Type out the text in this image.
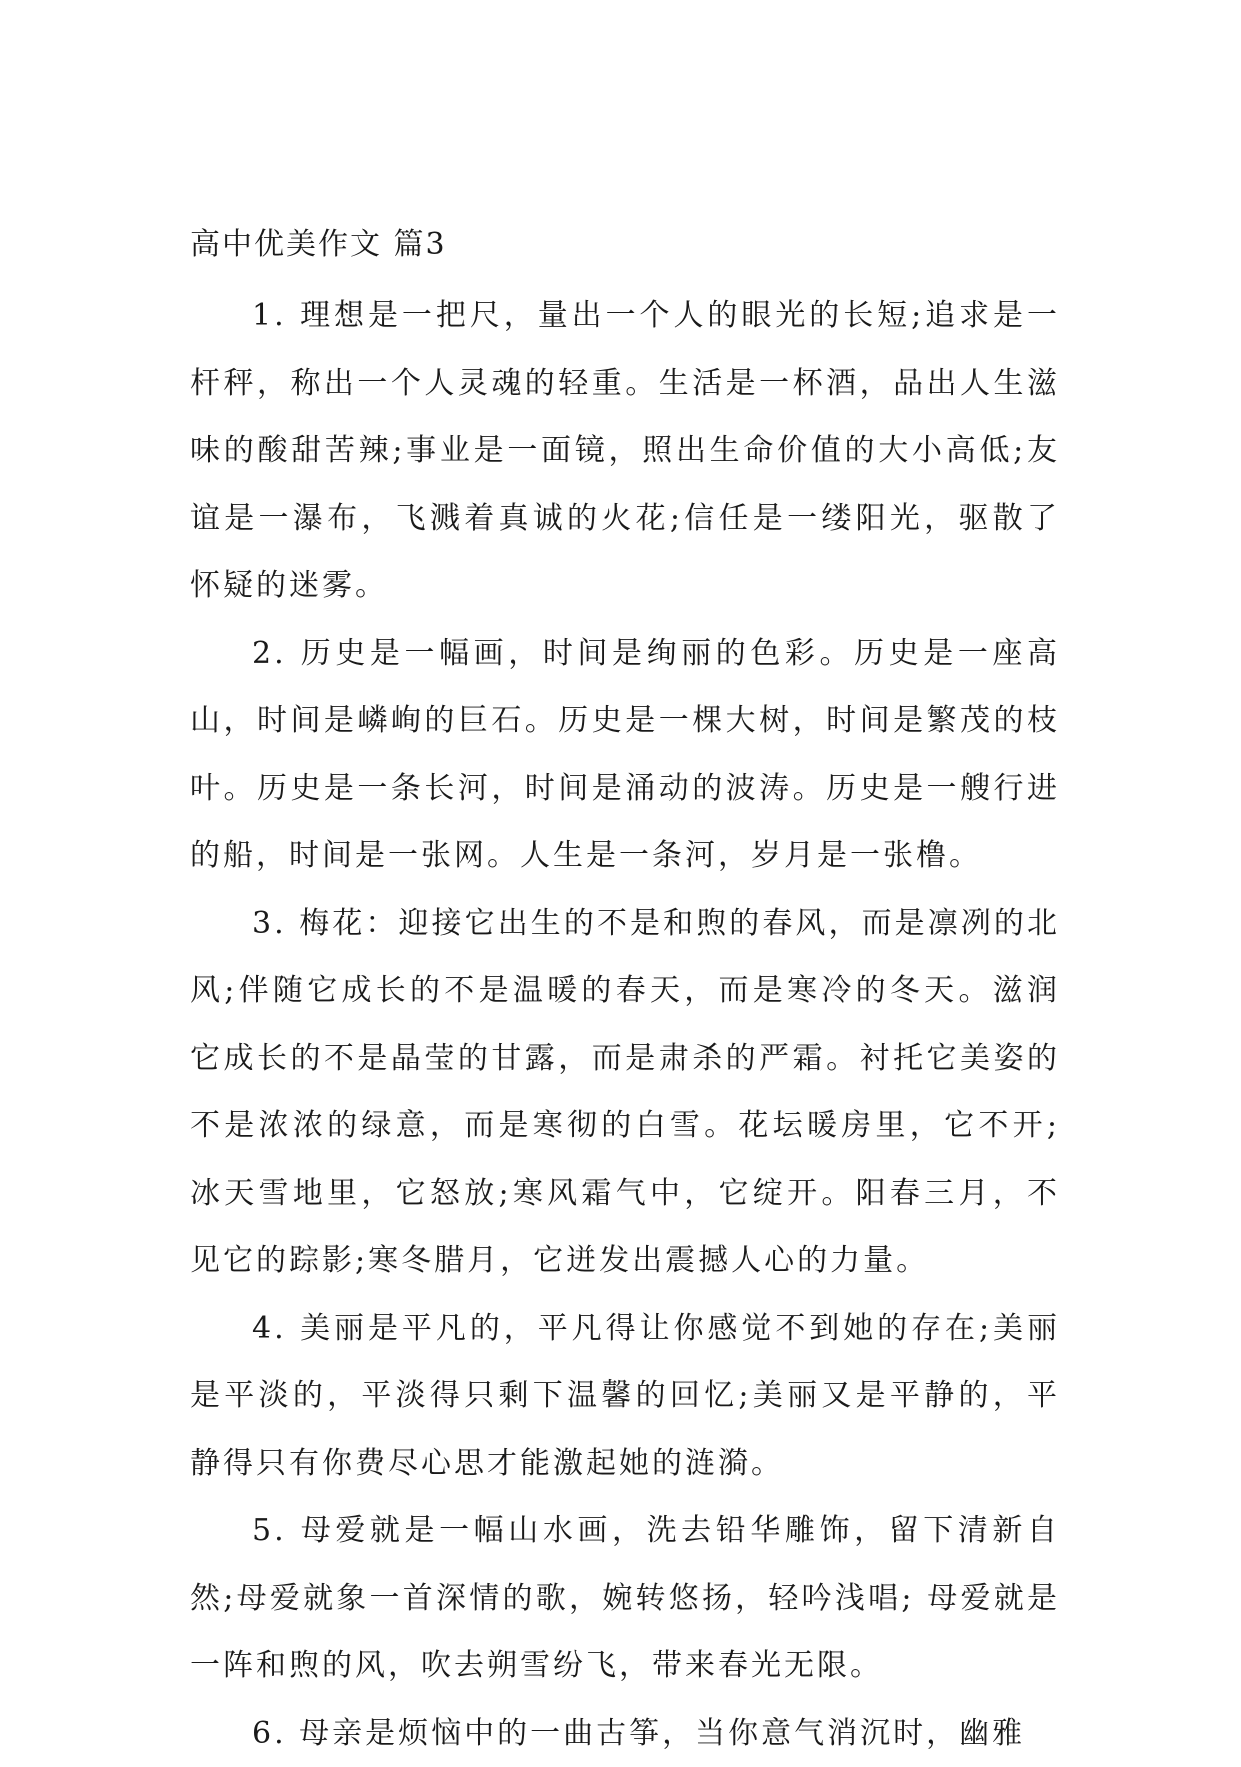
高中优美作文 篇3

1. 理想是一把尺，量出一个人的眼光的长短;追求是一杆秤，称出一个人灵魂的轻重。生活是一杯酒，品出人生滋味的酸甜苦辣;事业是一面镜，照出生命价值的大小高低;友谊是一瀑布，飞溅着真诚的火花;信任是一缕阳光，驱散了怀疑的迷雾。

2. 历史是一幅画，时间是绚丽的色彩。历史是一座高山，时间是嶙峋的巨石。历史是一棵大树，时间是繁茂的枝叶。历史是一条长河，时间是涌动的波涛。历史是一艘行进的船，时间是一张网。人生是一条河，岁月是一张橹。

3. 梅花：迎接它出生的不是和煦的春风，而是凛冽的北风;伴随它成长的不是温暖的春天，而是寒冷的冬天。滋润它成长的不是晶莹的甘露，而是肃杀的严霜。衬托它美姿的不是浓浓的绿意，而是寒彻的白雪。花坛暖房里，它不开;冰天雪地里，它怒放;寒风霜气中，它绽开。阳春三月，不见它的踪影;寒冬腊月，它迸发出震撼人心的力量。

4. 美丽是平凡的，平凡得让你感觉不到她的存在;美丽是平淡的，平淡得只剩下温馨的回忆;美丽又是平静的，平静得只有你费尽心思才能激起她的涟漪。

5. 母爱就是一幅山水画，洗去铅华雕饰，留下清新自然;母爱就象一首深情的歌，婉转悠扬，轻吟浅唱; 母爱就是一阵和煦的风，吹去朔雪纷飞，带来春光无限。

6. 母亲是烦恼中的一曲古筝，当你意气消沉时，幽雅
